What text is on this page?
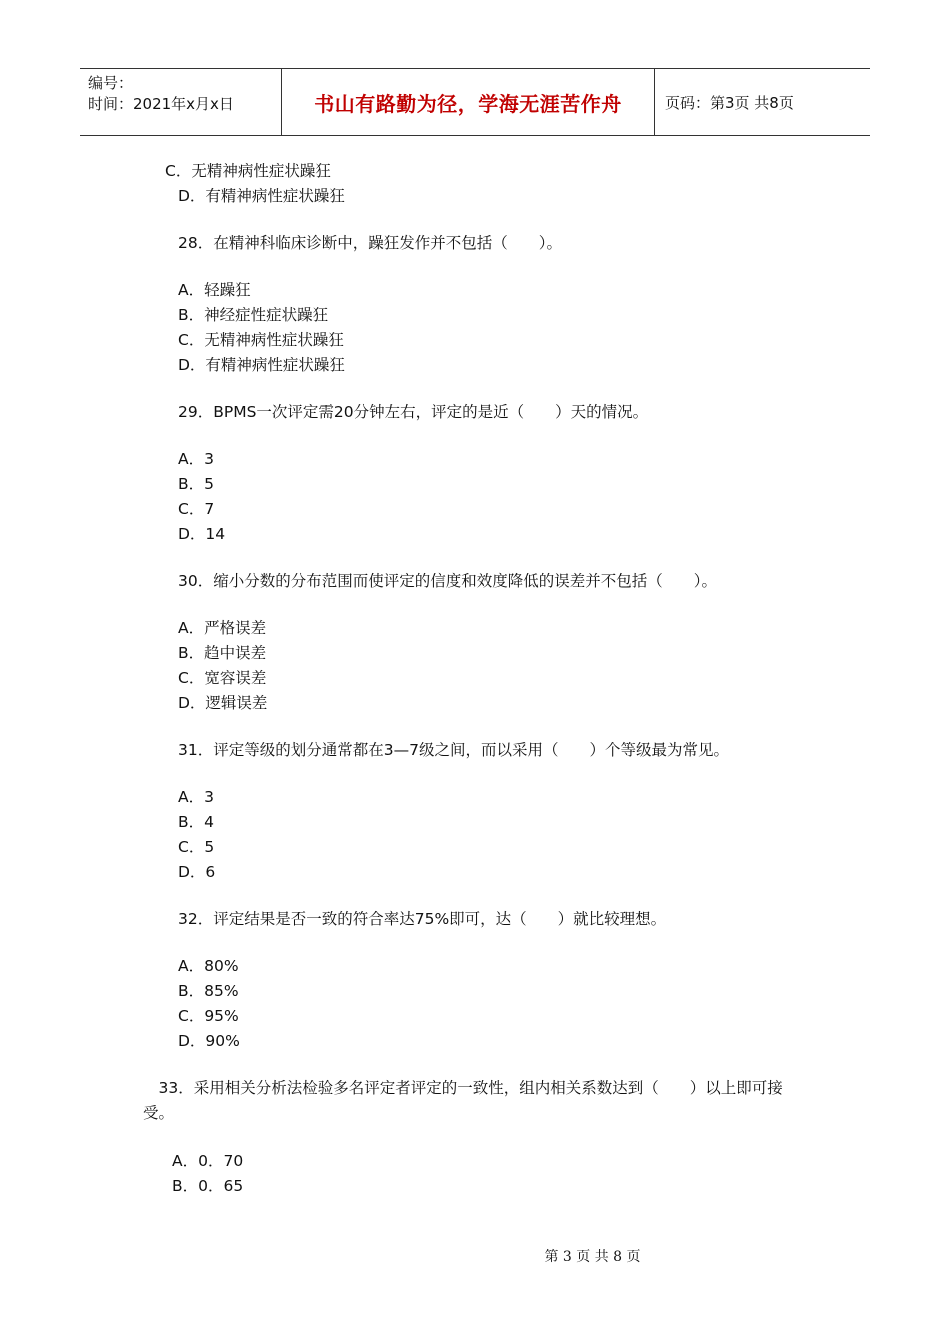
编号：
时间：2021年x月x日	书山有路勤为径，学海无涯苦作舟	页码：第3页 共8页
C．无精神病性症状躁狂
D．有精神病性症状躁狂
28．在精神科临床诊断中，躁狂发作并不包括（　　）。
A．轻躁狂
B．神经症性症状躁狂
C．无精神病性症状躁狂
D．有精神病性症状躁狂
29．BPMS一次评定需20分钟左右，评定的是近（　　）天的情况。
A．3
B．5
C．7
D．14
30．缩小分数的分布范围而使评定的信度和效度降低的误差并不包括（　　）。
A．严格误差
B．趋中误差
C．宽容误差
D．逻辑误差
31．评定等级的划分通常都在3—7级之间，而以采用（　　）个等级最为常见。
A．3
B．4
C．5
D．6
32．评定结果是否一致的符合率达75%即可，达（　　）就比较理想。
A．80%
B．85%
C．95%
D．90%
　33．采用相关分析法检验多名评定者评定的一致性，组内相关系数达到（　　）以上即可接受。
A．0．70
B．0．65
第 3 页 共 8 页
